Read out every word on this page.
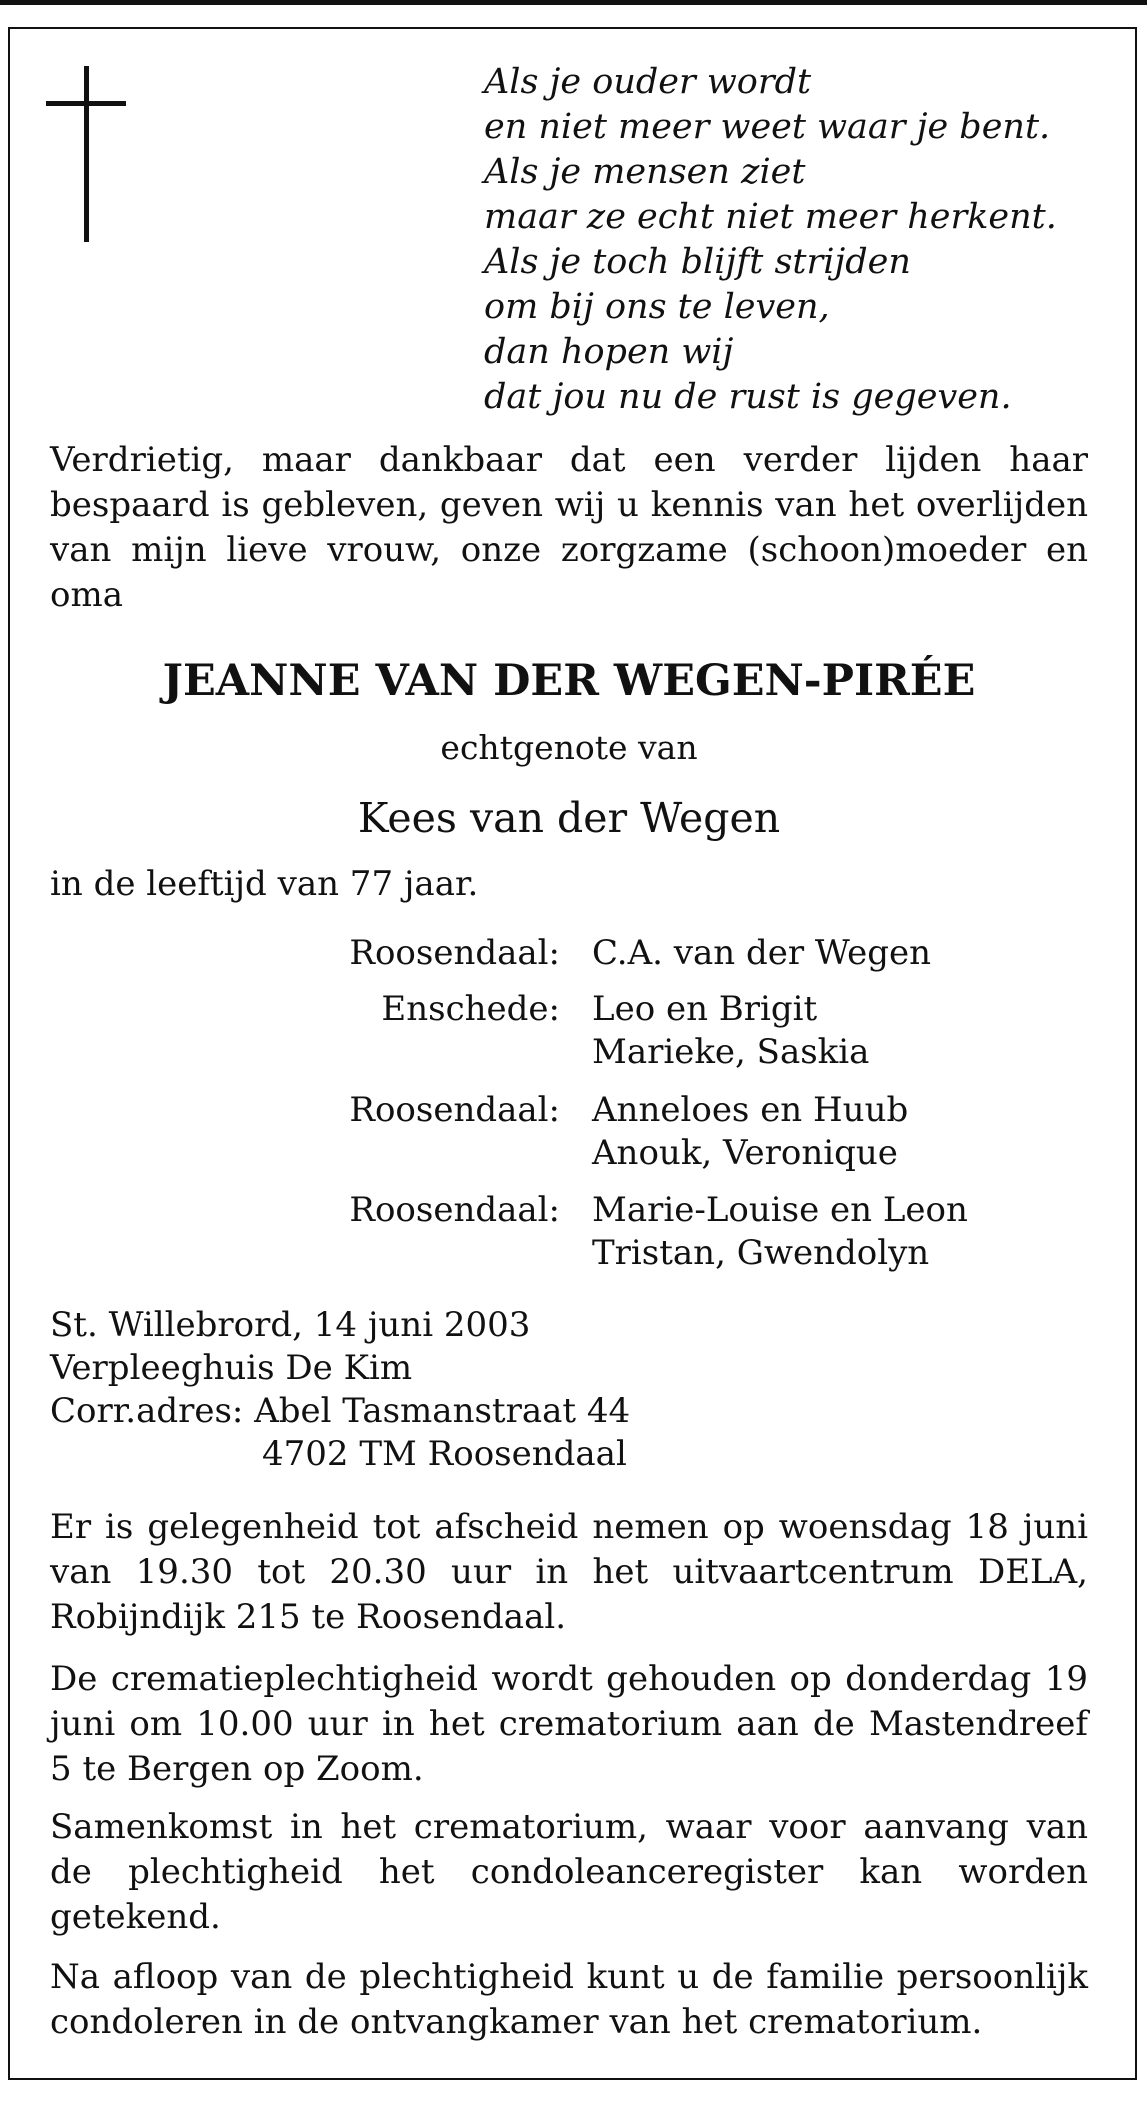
Als je ouder wordt
en niet meer weet waar je bent.
Als je mensen ziet
maar ze echt niet meer herkent.
Als je toch blijft strijden
om bij ons te leven,
dan hopen wij
dat jou nu de rust is gegeven.
Verdrietig, maar dankbaar dat een verder lijden haar bespaard is gebleven, geven wij u kennis van het overlijden van mijn lieve vrouw, onze zorgzame (schoon)moeder en oma
JEANNE VAN DER WEGEN-PIRÉE
echtgenote van
Kees van der Wegen
in de leeftijd van 77 jaar.
Roosendaal: C.A. van der Wegen
Enschede: Leo en Brigit
Marieke, Saskia
Roosendaal: Anneloes en Huub
Anouk, Veronique
Roosendaal: Marie-Louise en Leon
Tristan, Gwendolyn
St. Willebrord, 14 juni 2003
Verpleeghuis De Kim
Corr.adres: Abel Tasmanstraat 44
4702 TM Roosendaal
Er is gelegenheid tot afscheid nemen op woensdag 18 juni van 19.30 tot 20.30 uur in het uitvaartcentrum DELA, Robijndijk 215 te Roosendaal.
De crematieplechtigheid wordt gehouden op donderdag 19 juni om 10.00 uur in het crematorium aan de Mastendreef 5 te Bergen op Zoom.
Samenkomst in het crematorium, waar voor aanvang van de plechtigheid het condoleanceregister kan worden getekend.
Na afloop van de plechtigheid kunt u de familie persoonlijk condoleren in de ontvangkamer van het crematorium.
